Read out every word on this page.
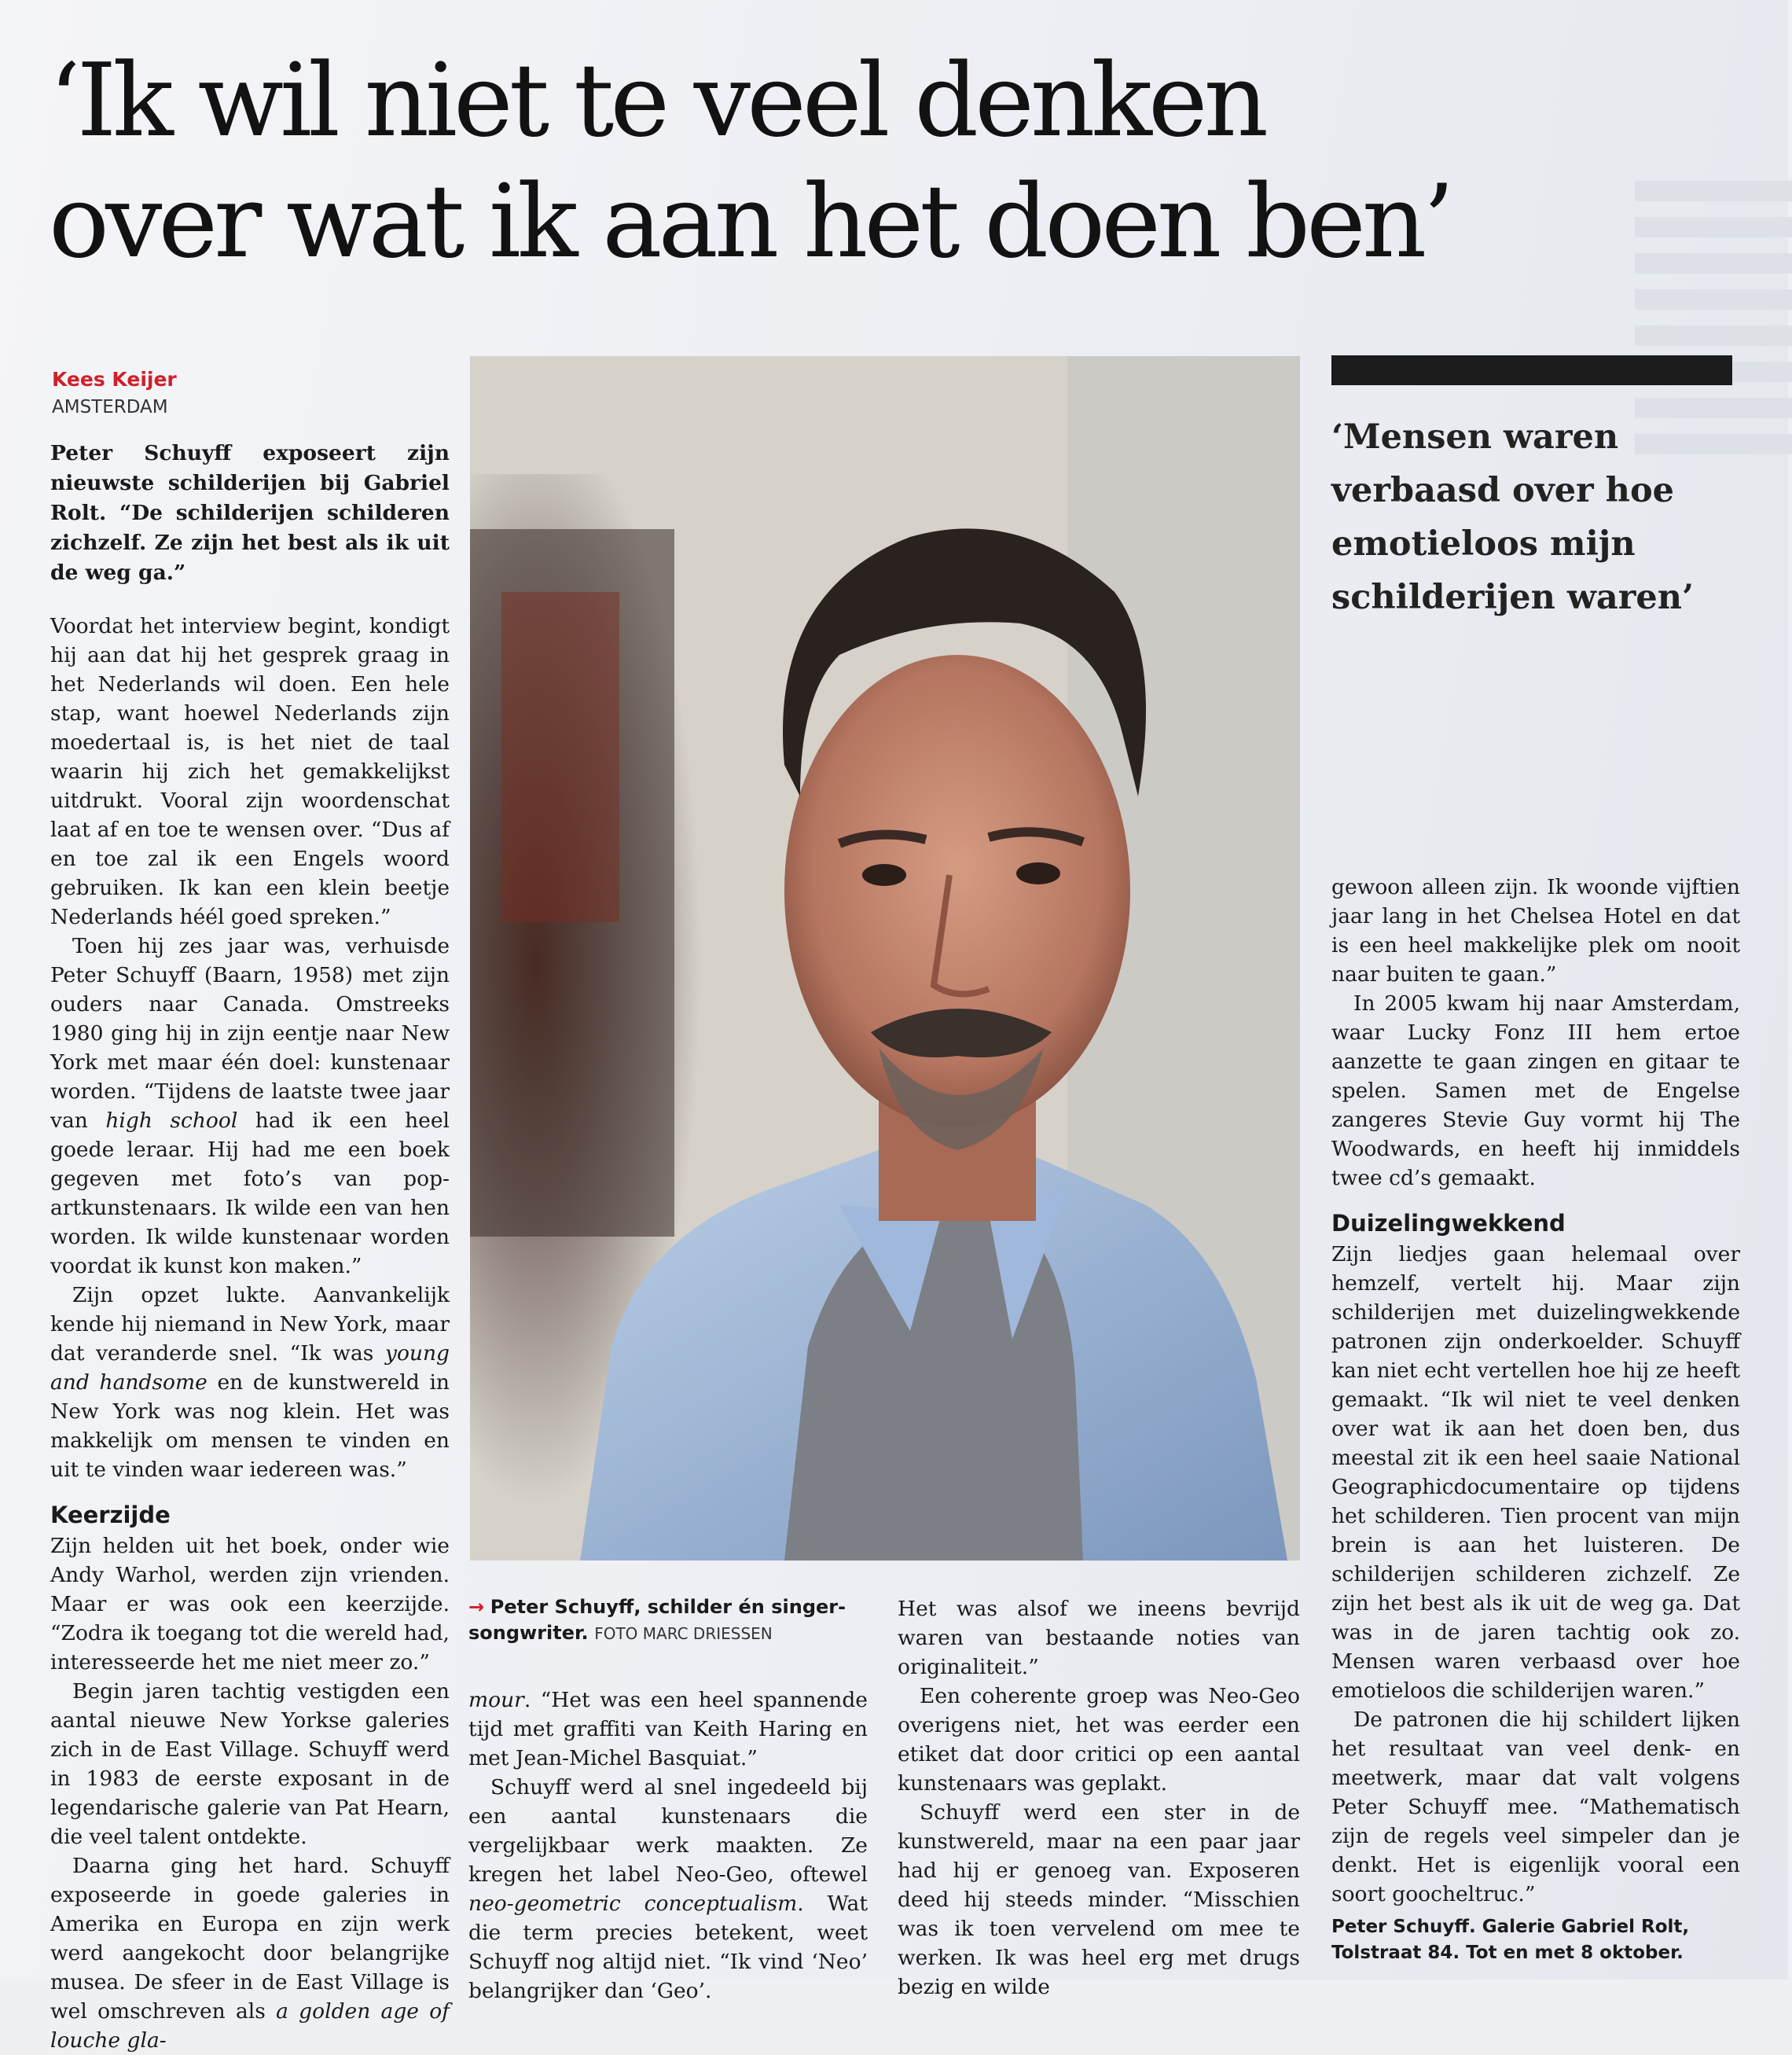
‘Ik wil niet te veel denken
over wat ik aan het doen ben’
Kees Keijer
AMSTERDAM

Peter Schuyff exposeert zijn nieuwste schilderijen bij Gabriel Rolt. “De schilderijen schilderen zichzelf. Ze zijn het best als ik uit de weg ga.”

Voordat het interview begint, kondigt hij aan dat hij het gesprek graag in het Nederlands wil doen. Een hele stap, want hoewel Nederlands zijn moedertaal is, is het niet de taal waarin hij zich het gemakkelijkst uitdrukt. Vooral zijn woordenschat laat af en toe te wensen over. “Dus af en toe zal ik een Engels woord gebruiken. Ik kan een klein beetje Nederlands héél goed spreken.”

Toen hij zes jaar was, verhuisde Peter Schuyff (Baarn, 1958) met zijn ouders naar Canada. Omstreeks 1980 ging hij in zijn eentje naar New York met maar één doel: kunstenaar worden. “Tijdens de laatste twee jaar van high school had ik een heel goede leraar. Hij had me een boek gegeven met foto’s van pop-artkunstenaars. Ik wilde een van hen worden. Ik wilde kunstenaar worden voordat ik kunst kon maken.”

Zijn opzet lukte. Aanvankelijk kende hij niemand in New York, maar dat veranderde snel. “Ik was young and handsome en de kunstwereld in New York was nog klein. Het was makkelijk om mensen te vinden en uit te vinden waar iedereen was.”

Keerzijde

Zijn helden uit het boek, onder wie Andy Warhol, werden zijn vrienden. Maar er was ook een keerzijde. “Zodra ik toegang tot die wereld had, interesseerde het me niet meer zo.”

Begin jaren tachtig vestigden een aantal nieuwe New Yorkse galeries zich in de East Village. Schuyff werd in 1983 de eerste exposant in de legendarische galerie van Pat Hearn, die veel talent ontdekte.

Daarna ging het hard. Schuyff exposeerde in goede galeries in Amerika en Europa en zijn werk werd aangekocht door belangrijke musea. De sfeer in de East Village is wel omschreven als a golden age of louche gla-

→ Peter Schuyff, schilder én singer-songwriter. FOTO MARC DRIESSEN

mour. “Het was een heel spannende tijd met graffiti van Keith Haring en met Jean-Michel Basquiat.”

Schuyff werd al snel ingedeeld bij een aantal kunstenaars die vergelijkbaar werk maakten. Ze kregen het label Neo-Geo, oftewel neo-geometric conceptualism. Wat die term precies betekent, weet Schuyff nog altijd niet. “Ik vind ‘Neo’ belangrijker dan ‘Geo’.

Het was alsof we ineens bevrijd waren van bestaande noties van originaliteit.”

Een coherente groep was Neo-Geo overigens niet, het was eerder een etiket dat door critici op een aantal kunstenaars was geplakt.

Schuyff werd een ster in de kunstwereld, maar na een paar jaar had hij er genoeg van. Exposeren deed hij steeds minder. “Misschien was ik toen vervelend om mee te werken. Ik was heel erg met drugs bezig en wilde

‘Mensen waren verbaasd over hoe emotieloos mijn schilderijen waren’

gewoon alleen zijn. Ik woonde vijftien jaar lang in het Chelsea Hotel en dat is een heel makkelijke plek om nooit naar buiten te gaan.”

In 2005 kwam hij naar Amsterdam, waar Lucky Fonz III hem ertoe aanzette te gaan zingen en gitaar te spelen. Samen met de Engelse zangeres Stevie Guy vormt hij The Woodwards, en heeft hij inmiddels twee cd’s gemaakt.

Duizelingwekkend

Zijn liedjes gaan helemaal over hemzelf, vertelt hij. Maar zijn schilderijen met duizelingwekkende patronen zijn onderkoelder. Schuyff kan niet echt vertellen hoe hij ze heeft gemaakt. “Ik wil niet te veel denken over wat ik aan het doen ben, dus meestal zit ik een heel saaie National Geographicdocumentaire op tijdens het schilderen. Tien procent van mijn brein is aan het luisteren. De schilderijen schilderen zichzelf. Ze zijn het best als ik uit de weg ga. Dat was in de jaren tachtig ook zo. Mensen waren verbaasd over hoe emotieloos die schilderijen waren.”

De patronen die hij schildert lijken het resultaat van veel denk- en meetwerk, maar dat valt volgens Peter Schuyff mee. “Mathematisch zijn de regels veel simpeler dan je denkt. Het is eigenlijk vooral een soort goocheltruc.”

Peter Schuyff. Galerie Gabriel Rolt, Tolstraat 84. Tot en met 8 oktober.
